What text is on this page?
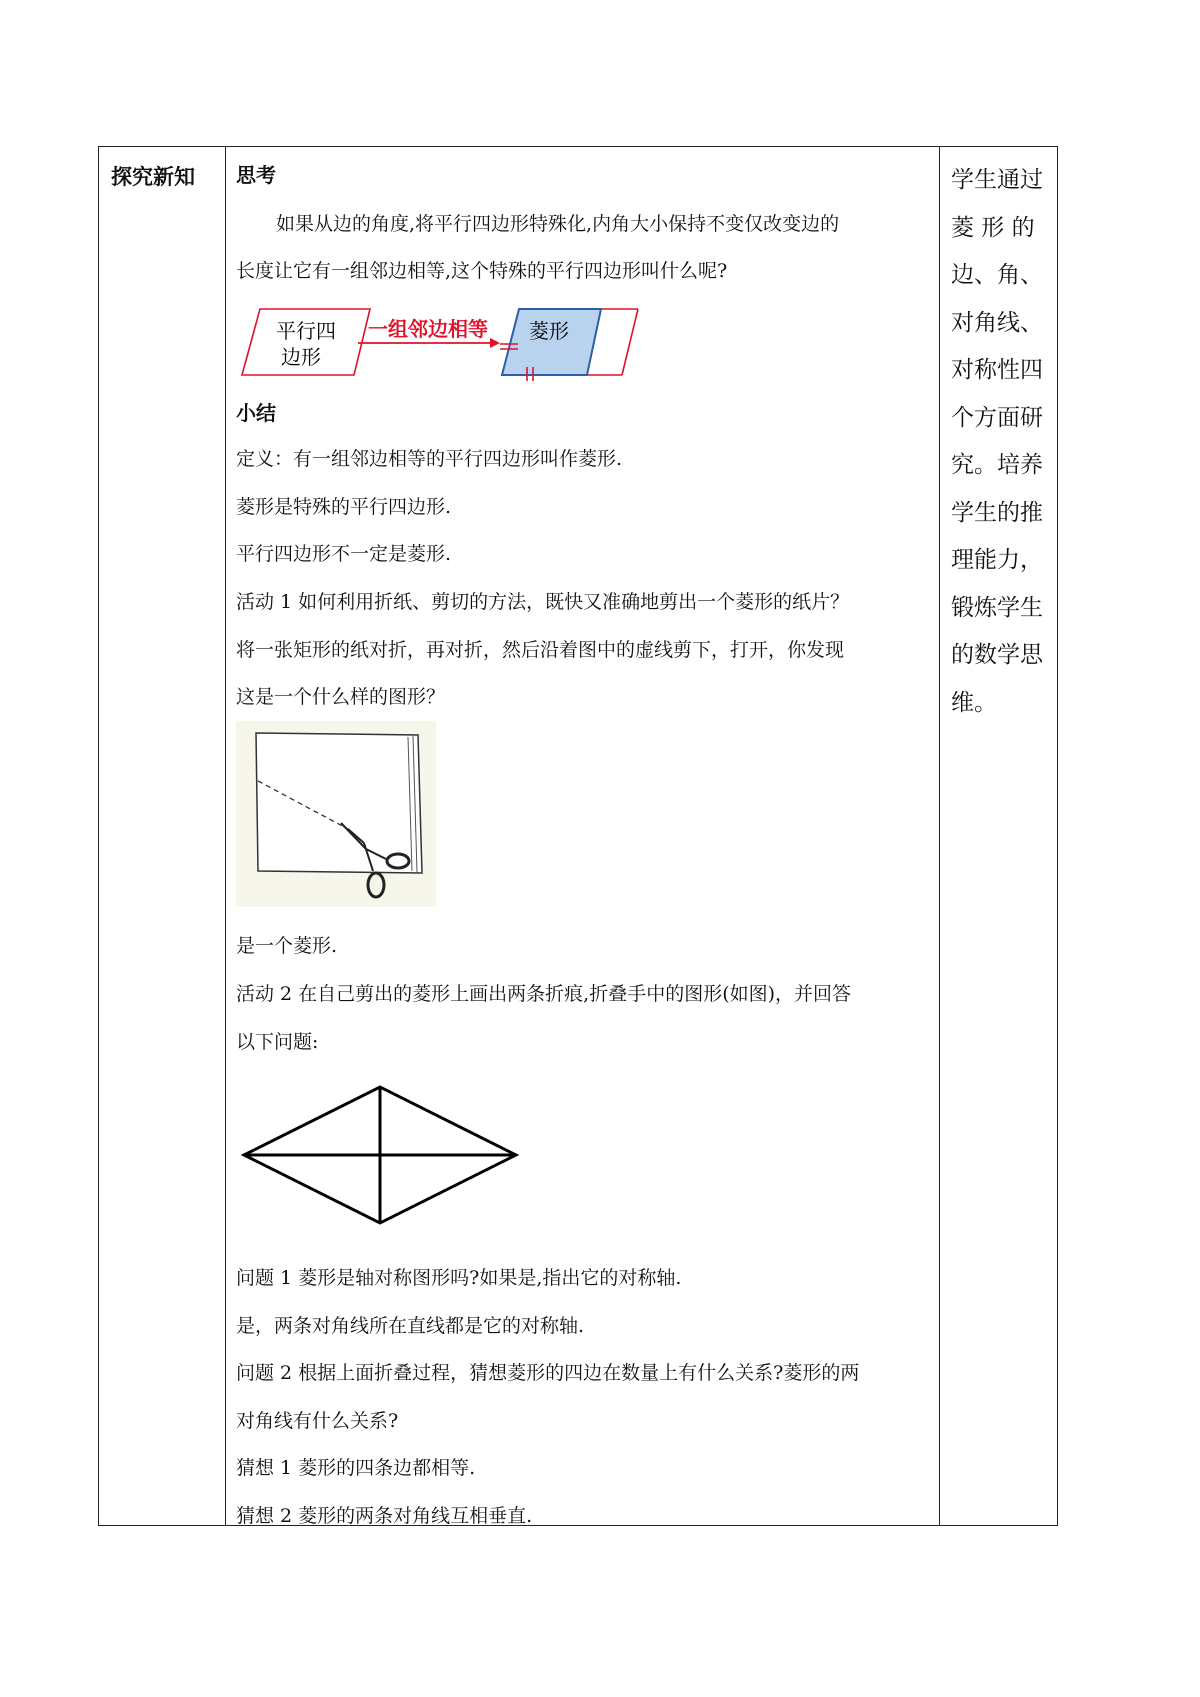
探究新知 思考
如果从边的角度,将平行四边形特殊化,内角大小保持不变仅改变边的
长度让它有一组邻边相等,这个特殊的平行四边形叫什么呢?
平行四
边形
一组邻边相等 菱形
小结
定义：有一组邻边相等的平行四边形叫作菱形.
菱形是特殊的平行四边形.
平行四边形不一定是菱形.
活动 1 如何利用折纸、剪切的方法，既快又准确地剪出一个菱形的纸片？
将一张矩形的纸对折，再对折，然后沿着图中的虚线剪下，打开，你发现
这是一个什么样的图形？
是一个菱形.
活动 2 在自己剪出的菱形上画出两条折痕,折叠手中的图形(如图)，并回答
以下问题:
问题 1 菱形是轴对称图形吗?如果是,指出它的对称轴.
是，两条对角线所在直线都是它的对称轴.
问题 2 根据上面折叠过程，猜想菱形的四边在数量上有什么关系?菱形的两
对角线有什么关系?
猜想 1 菱形的四条边都相等.
猜想 2 菱形的两条对角线互相垂直.
学生通过
菱 形 的
边、角、
对角线、
对称性四
个方面研
究。培养
学生的推
理能力，
锻炼学生
的数学思
维。
